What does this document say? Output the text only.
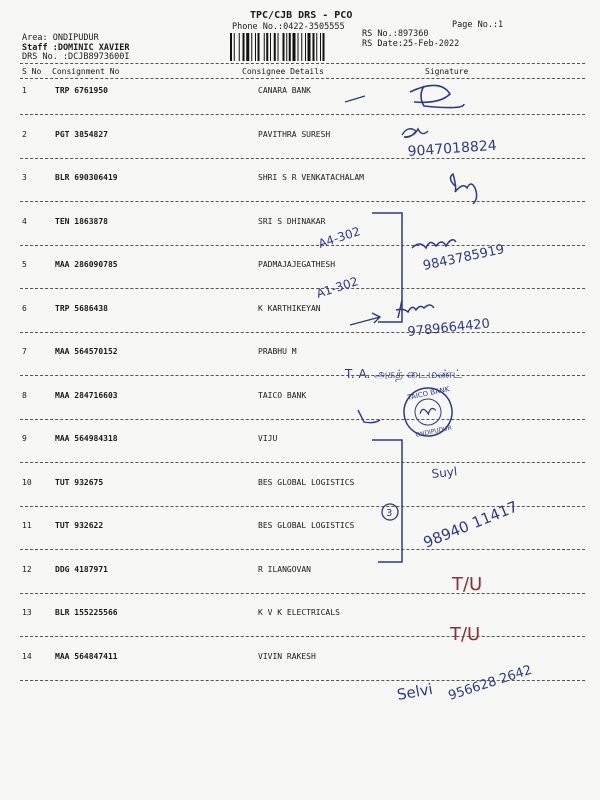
TPC/CJB DRS - PCO
Phone No.:0422-3505555	Page No.:1
RS No.:897360
RS Date:25-Feb-2022
Area: ONDIPUDUR
Staff :DOMINIC XAVIER
DRS No. :DCJB8973600I
S No Consignment No	Consignee Details	Signature
1	TRP 6761950	CANARA BANK
2	PGT 3854827	PAVITHRA SURESH
3	BLR 690306419	SHRI S R VENKATACHALAM
4	TEN 1863878	SRI S DHINAKAR
5	MAA 286090785	PADMAJAJEGATHESH
6	TRP 5686438	K KARTHIKEYAN
7	MAA 564570152	PRABHU M
8	MAA 284716603	TAICO BANK
9	MAA 564984318	VIJU
10	TUT 932675	BES GLOBAL LOGISTICS
11	TUT 932622	BES GLOBAL LOGISTICS
12	DDG 4187971	R ILANGOVAN
13	BLR 155225566	K V K ELECTRICALS
14	MAA 564847411	VIVIN RAKESH
9047018824
A4-302
A1-302
9843785919
9789664420
T. A. அகத் டைமண்ட்
TAICO BANK
ONDIPUDUR
Suyl
3 98940 11417
T/U
T/U
Selvi 956628 2642
